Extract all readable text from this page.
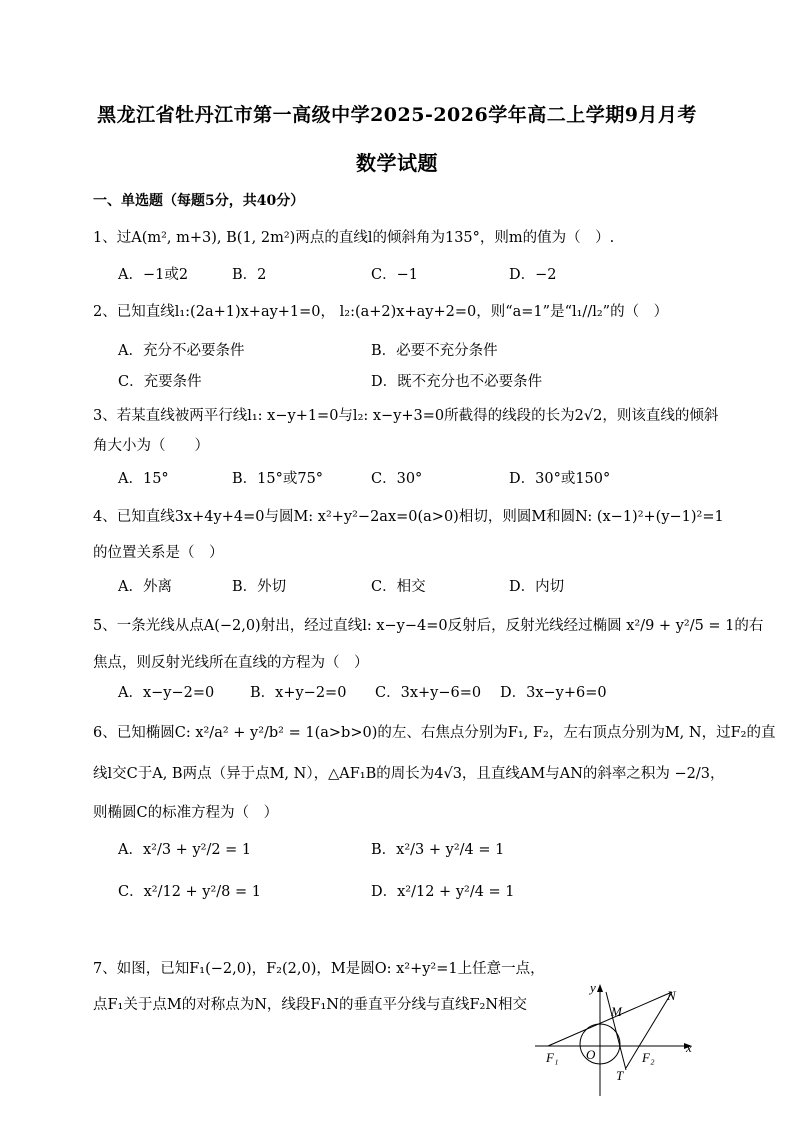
黑龙江省牡丹江市第一高级中学2025-2026学年高二上学期9月月考
数学试题
一、单选题（每题5分，共40分）
1、过A(m², m+3), B(1, 2m²)两点的直线l的倾斜角为135°，则m的值为（　）.
A．−1或2	B．2	C．−1	D．−2
2、已知直线l₁:(2a+1)x+ay+1=0， l₂:(a+2)x+ay+2=0，则“a=1”是“l₁//l₂”的（　）
A．充分不必要条件	B．必要不充分条件
C．充要条件	D．既不充分也不必要条件
3、若某直线被两平行线l₁: x−y+1=0与l₂: x−y+3=0所截得的线段的长为2√2，则该直线的倾斜
角大小为（　　）
A．15°	B．15°或75°	C．30°	D．30°或150°
4、已知直线3x+4y+4=0与圆M: x²+y²−2ax=0(a>0)相切，则圆M和圆N: (x−1)²+(y−1)²=1
的位置关系是（　）
A．外离	B．外切	C．相交	D．内切
5、一条光线从点A(−2,0)射出，经过直线l: x−y−4=0反射后，反射光线经过椭圆 x²/9 + y²/5 = 1的右
焦点，则反射光线所在直线的方程为（　）
A．x−y−2=0 B．x+y−2=0 C．3x+y−6=0 D．3x−y+6=0
6、已知椭圆C: x²/a² + y²/b² = 1(a>b>0)的左、右焦点分别为F₁, F₂，左右顶点分别为M, N，过F₂的直
线l交C于A, B两点（异于点M, N），△AF₁B的周长为4√3，且直线AM与AN的斜率之积为 −2/3，
则椭圆C的标准方程为（　）
A．x²/3 + y²/2 = 1	B．x²/3 + y²/4 = 1
C．x²/12 + y²/8 = 1	D．x²/12 + y²/4 = 1
7、如图，已知F₁(−2,0)，F₂(2,0)，M是圆O: x²+y²=1上任意一点，
点F₁关于点M的对称点为N，线段F₁N的垂直平分线与直线F₂N相交
y
x
O
F₁	F₂
M
N
T
